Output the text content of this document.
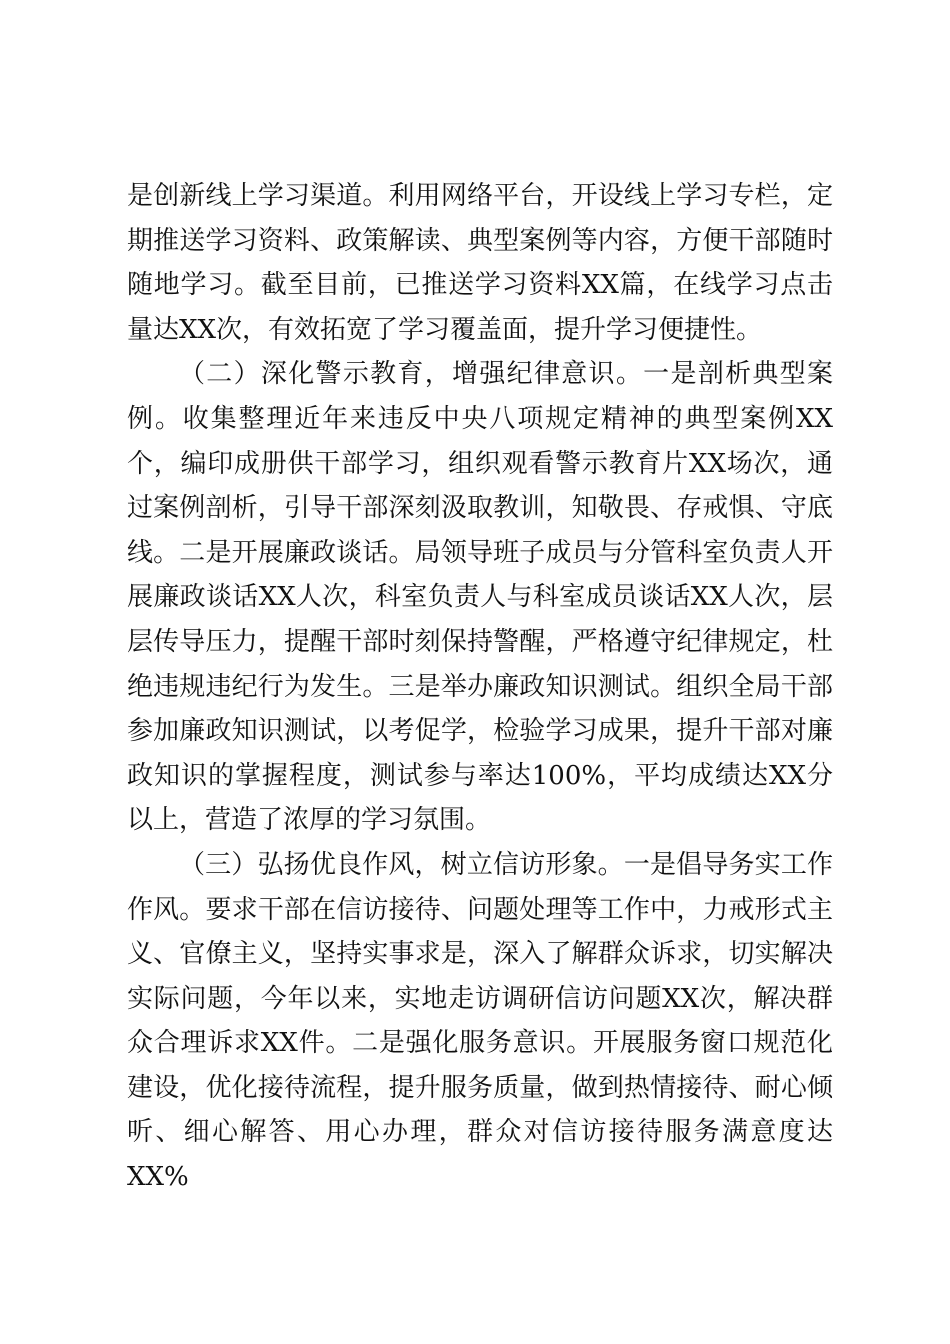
是创新线上学习渠道。利用网络平台，开设线上学习专栏，定期推送学习资料、政策解读、典型案例等内容，方便干部随时随地学习。截至目前，已推送学习资料XX篇，在线学习点击量达XX次，有效拓宽了学习覆盖面，提升学习便捷性。

（二）深化警示教育，增强纪律意识。一是剖析典型案例。收集整理近年来违反中央八项规定精神的典型案例XX个，编印成册供干部学习，组织观看警示教育片XX场次，通过案例剖析，引导干部深刻汲取教训，知敬畏、存戒惧、守底线。二是开展廉政谈话。局领导班子成员与分管科室负责人开展廉政谈话XX人次，科室负责人与科室成员谈话XX人次，层层传导压力，提醒干部时刻保持警醒，严格遵守纪律规定，杜绝违规违纪行为发生。三是举办廉政知识测试。组织全局干部参加廉政知识测试，以考促学，检验学习成果，提升干部对廉政知识的掌握程度，测试参与率达100%，平均成绩达XX分以上，营造了浓厚的学习氛围。

（三）弘扬优良作风，树立信访形象。一是倡导务实工作作风。要求干部在信访接待、问题处理等工作中，力戒形式主义、官僚主义，坚持实事求是，深入了解群众诉求，切实解决实际问题，今年以来，实地走访调研信访问题XX次，解决群众合理诉求XX件。二是强化服务意识。开展服务窗口规范化建设，优化接待流程，提升服务质量，做到热情接待、耐心倾听、细心解答、用心办理，群众对信访接待服务满意度达XX%
